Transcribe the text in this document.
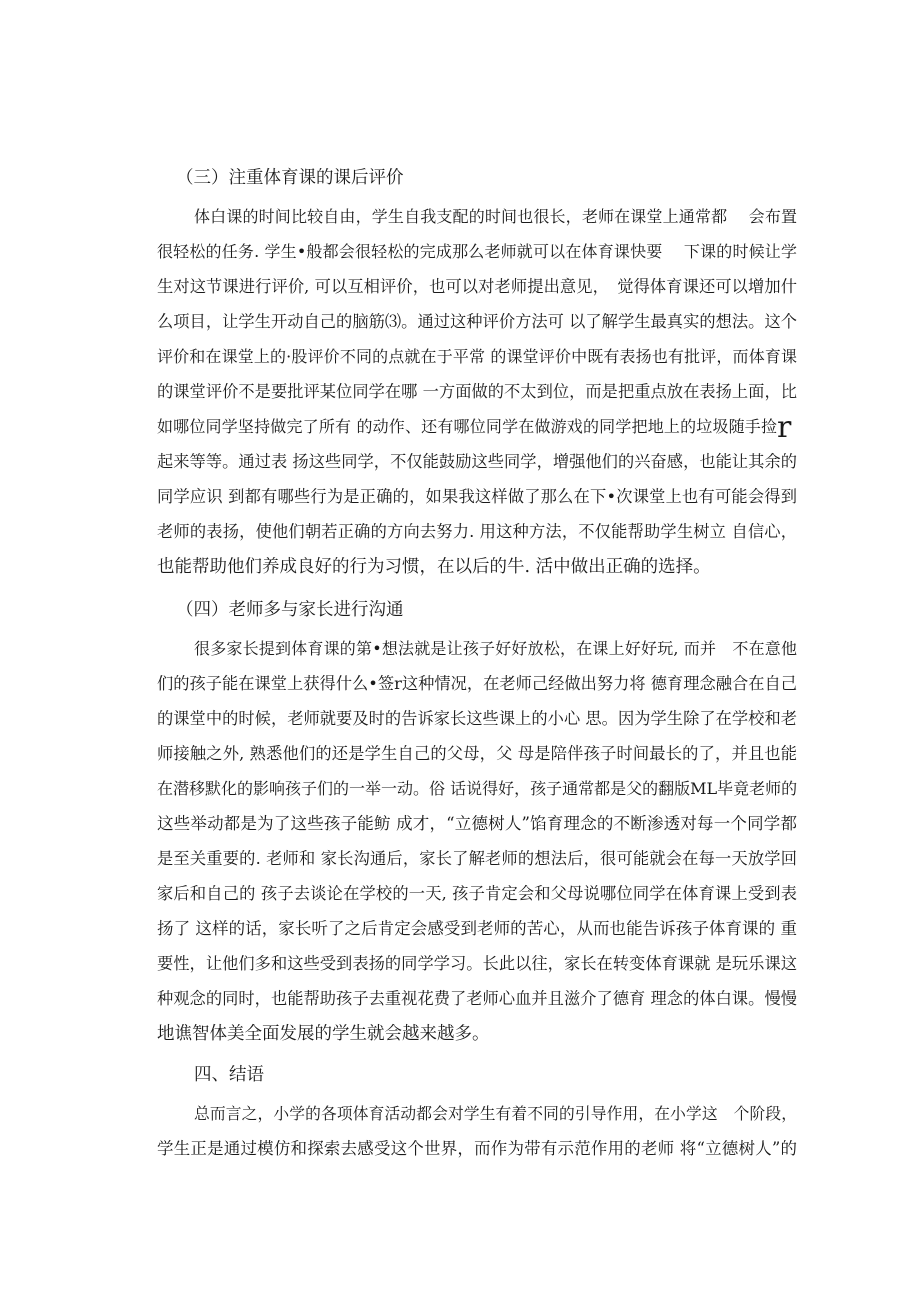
（三）注重体育课的课后评价
体白课的时间比较自由，学生自我支配的时间也很长，老师在课堂上通常都　 会布置
很轻松的任务. 学生•般都会很轻松的完成那么老师就可以在体育课快要　 下课的时候让学
生对这节课进行评价, 可以互相评价，也可以对老师提出意见，　觉得体育课还可以增加什
么项目，让学生开动自己的脑筋⑶。通过这种评价方法可 以了解学生最真实的想法。这个
评价和在课堂上的·股评价不同的点就在于平常 的课堂评价中既有表扬也有批评，而体育课
的课堂评价不是要批评某位同学在哪 一方面做的不太到位，而是把重点放在表扬上面，比
如哪位同学坚持做完了所有 的动作、还有哪位同学在做游戏的同学把地上的垃圾随手捡 r
起来等等。通过表 扬这些同学，不仅能鼓励这些同学，增强他们的兴奋感，也能让其余的
同学应识 到都有哪些行为是正确的，如果我这样做了那么在下•次课堂上也有可能会得到
老师的表扬，使他们朝若正确的方向去努力. 用这种方法，不仅能帮助学生树立 自信心，
也能帮助他们养成良好的行为习惯，在以后的牛. 活中做出正确的选择。
（四）老师多与家长进行沟通
很多家长提到体育课的第•想法就是让孩子好好放松，在课上好好玩, 而并　不在意他
们的孩子能在课堂上获得什么•签r这种情况，在老师己经做出努力将 德育理念融合在自己
的课堂中的时候，老师就要及时的告诉家长这些课上的小心 思。因为学生除了在学校和老
师接触之外, 熟悉他们的还是学生自己的父母，父 母是陪伴孩子时间最长的了，并且也能
在潜移默化的影响孩子们的一举一动。俗 话说得好，孩子通常都是父的翻版ML毕竟老师的
这些举动都是为了这些孩子能鲂 成才，“立德树人”馅育理念的不断渗透对每一个同学都
是至关重要的. 老师和 家长沟通后，家长了解老师的想法后，很可能就会在每一天放学回
家后和自己的 孩子去谈论在学校的一天, 孩子肯定会和父母说哪位同学在体育课上受到表
扬了 这样的话，家长听了之后肯定会感受到老师的苦心，从而也能告诉孩子体育课的 重
要性，让他们多和这些受到表扬的同学学习。长此以往，家长在转变体育课就 是玩乐课这
种观念的同时，也能帮助孩子去重视花费了老师心血并且滋介了德育 理念的体白课。慢慢
地谯智体美全面发展的学生就会越来越多。
四、结语
总而言之，小学的各项体育活动都会对学生有着不同的引导作用，在小学这　个阶段，
学生正是通过模仿和探索去感受这个世界，而作为带有示范作用的老师 将“立德树人”的
